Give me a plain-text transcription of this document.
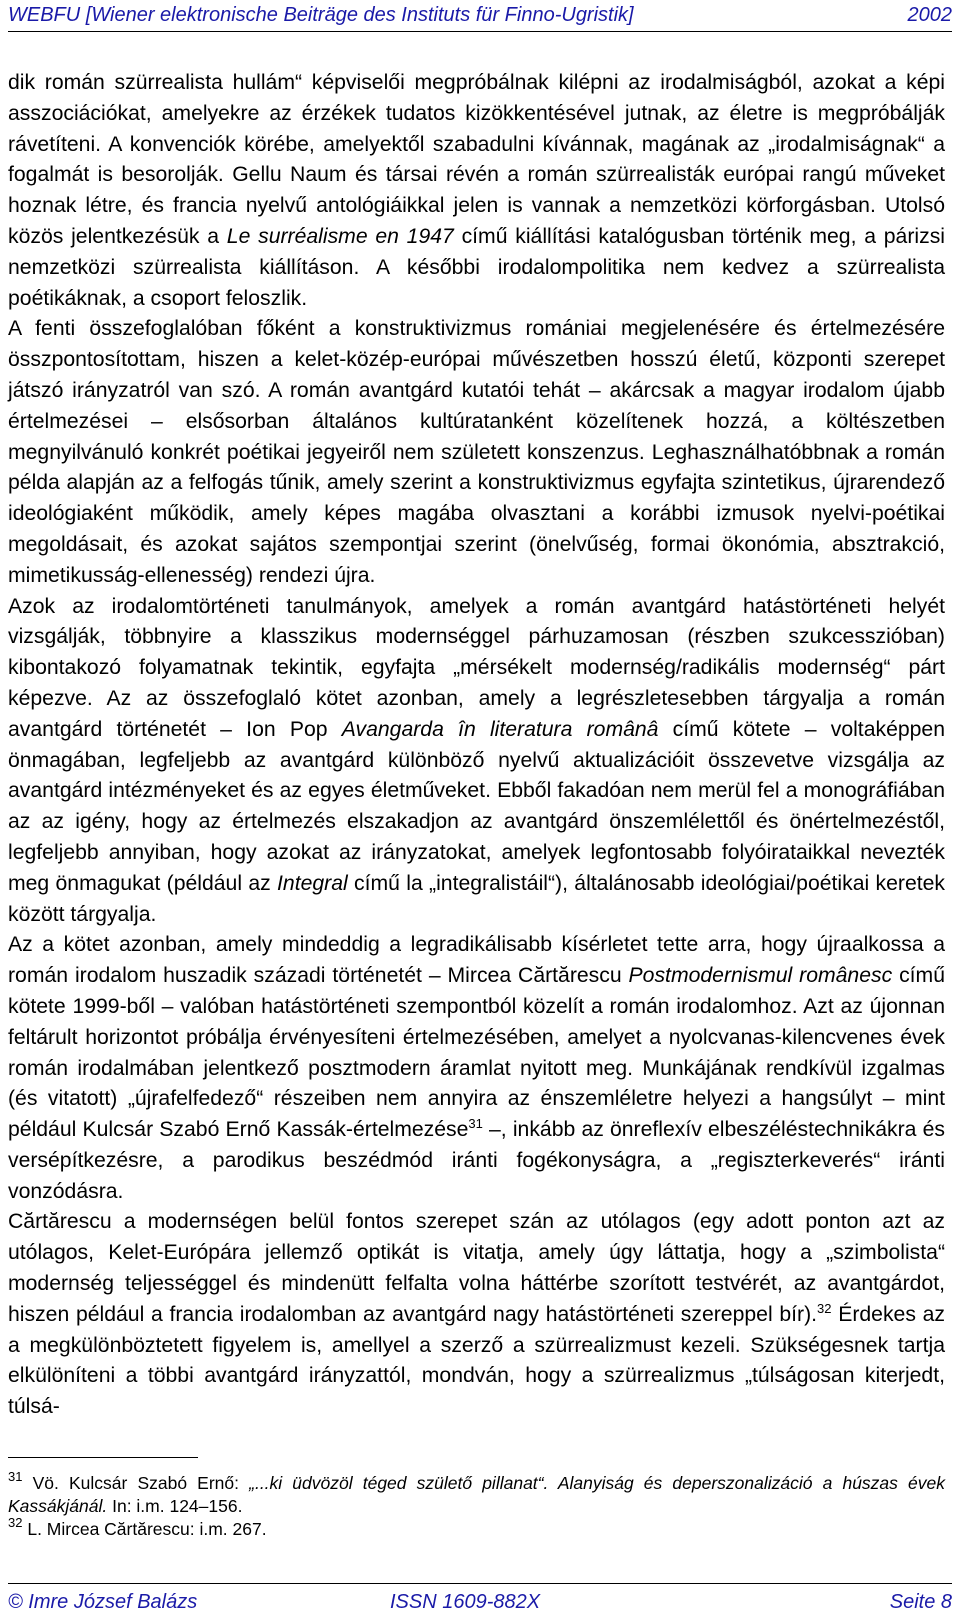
WEBFU [Wiener elektronische Beiträge des Instituts für Finno-Ugristik]	2002

dik román szürrealista hullám“ képviselői megpróbálnak kilépni az irodalmiságból, azokat a képi asszociációkat, amelyekre az érzékek tudatos kizökkentésével jutnak, az életre is megpróbálják rávetíteni. A konvenciók körébe, amelyektől szabadulni kívánnak, magának az „irodalmiságnak“ a fogalmát is besorolják. Gellu Naum és társai révén a román szürrealisták európai rangú műveket hoznak létre, és francia nyelvű antológiáikkal jelen is vannak a nemzetközi körforgásban. Utolsó közös jelentkezésük a Le surréalisme en 1947 című kiállítási katalógusban történik meg, a párizsi nemzetközi szürrealista kiállításon. A későbbi irodalompolitika nem kedvez a szürrealista poétikáknak, a csoport feloszlik.

A fenti összefoglalóban főként a konstruktivizmus romániai megjelenésére és értelmezésére összpontosítottam, hiszen a kelet-közép-európai művészetben hosszú életű, központi szerepet játszó irányzatról van szó. A román avantgárd kutatói tehát – akárcsak a magyar irodalom újabb értelmezései – elsősorban általános kultúratanként közelítenek hozzá, a költészetben megnyilvánuló konkrét poétikai jegyeiről nem született konszenzus. Leghasználhatóbbnak a román példa alapján az a felfogás tűnik, amely szerint a konstruktivizmus egyfajta szintetikus, újrarendező ideológiaként működik, amely képes magába olvasztani a korábbi izmusok nyelvi-poétikai megoldásait, és azokat sajátos szempontjai szerint (önelvűség, formai ökonómia, absztrakció, mimetikusság-ellenesség) rendezi újra.

Azok az irodalomtörténeti tanulmányok, amelyek a román avantgárd hatástörténeti helyét vizsgálják, többnyire a klasszikus modernséggel párhuzamosan (részben szukcesszióban) kibontakozó folyamatnak tekintik, egyfajta „mérsékelt modernség/radikális modernség“ párt képezve. Az az összefoglaló kötet azonban, amely a legrészletesebben tárgyalja a román avantgárd történetét – Ion Pop Avangarda în literatura românâ című kötete – voltaképpen önmagában, legfeljebb az avantgárd különböző nyelvű aktualizációit összevetve vizsgálja az avantgárd intézményeket és az egyes életműveket. Ebből fakadóan nem merül fel a monográfiában az az igény, hogy az értelmezés elszakadjon az avantgárd önszemlélettől és önértelmezéstől, legfeljebb annyiban, hogy azokat az irányzatokat, amelyek legfontosabb folyóirataikkal nevezték meg önmagukat (például az Integral című la „integralistáil“), általánosabb ideológiai/poétikai keretek között tárgyalja.

Az a kötet azonban, amely mindeddig a legradikálisabb kísérletet tette arra, hogy újraalkossa a román irodalom huszadik századi történetét – Mircea Cărtărescu Postmodernismul românesc című kötete 1999-ből – valóban hatástörténeti szempontból közelít a román irodalomhoz. Azt az újonnan feltárult horizontot próbálja érvényesíteni értelmezésében, amelyet a nyolcvanas-kilencvenes évek román irodalmában jelentkező posztmodern áramlat nyitott meg. Munkájának rendkívül izgalmas (és vitatott) „újrafelfedező“ részeiben nem annyira az énszemléletre helyezi a hangsúlyt – mint például Kulcsár Szabó Ernő Kassák-értelmezése$^{31}$ –, inkább az önreflexív elbeszéléstechnikákra és versépítkezésre, a parodikus beszédmód iránti fogékonyságra, a „regiszterkeverés“ iránti vonzódásra.

Cărtărescu a modernségen belül fontos szerepet szán az utólagos (egy adott ponton azt az utólagos, Kelet-Európára jellemző optikát is vitatja, amely úgy láttatja, hogy a „szimbolista“ modernség teljességgel és mindenütt felfalta volna háttérbe szorított testvérét, az avantgárdot, hiszen például a francia irodalomban az avantgárd nagy hatástörténeti szereppel bír).$^{32}$ Érdekes az a megkülönböztetett figyelem is, amellyel a szerző a szürrealizmust kezeli. Szükségesnek tartja elkülöníteni a többi avantgárd irányzattól, mondván, hogy a szürrealizmus „túlságosan kiterjedt, túlsá-

$^{31}$ Vö. Kulcsár Szabó Ernő: „...ki üdvözöl téged születő pillanat“. Alanyiság és deperszonalizáció a húszas évek Kassákjánál. In: i.m. 124–156.

$^{32}$ L. Mircea Cărtărescu: i.m. 267.

© Imre József Balázs	ISSN 1609-882X	Seite 8
